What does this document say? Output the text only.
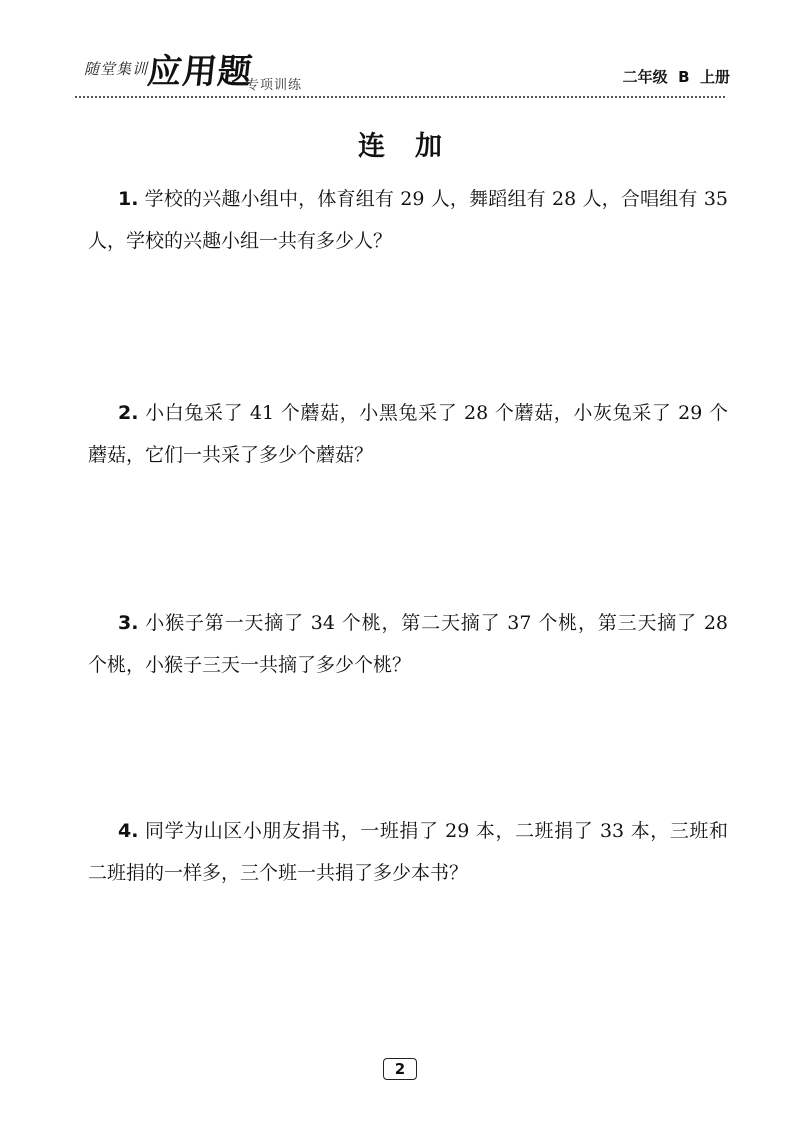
随堂集训
应用题
专项训练	二年级  B  上册
连加
1. 学校的兴趣小组中，体育组有 29 人，舞蹈组有 28 人，合唱组有 35 人，学校的兴趣小组一共有多少人？
2. 小白兔采了 41 个蘑菇，小黑兔采了 28 个蘑菇，小灰兔采了 29 个蘑菇，它们一共采了多少个蘑菇？
3. 小猴子第一天摘了 34 个桃，第二天摘了 37 个桃，第三天摘了 28 个桃，小猴子三天一共摘了多少个桃？
4. 同学为山区小朋友捐书，一班捐了 29 本，二班捐了 33 本，三班和二班捐的一样多，三个班一共捐了多少本书？
2
